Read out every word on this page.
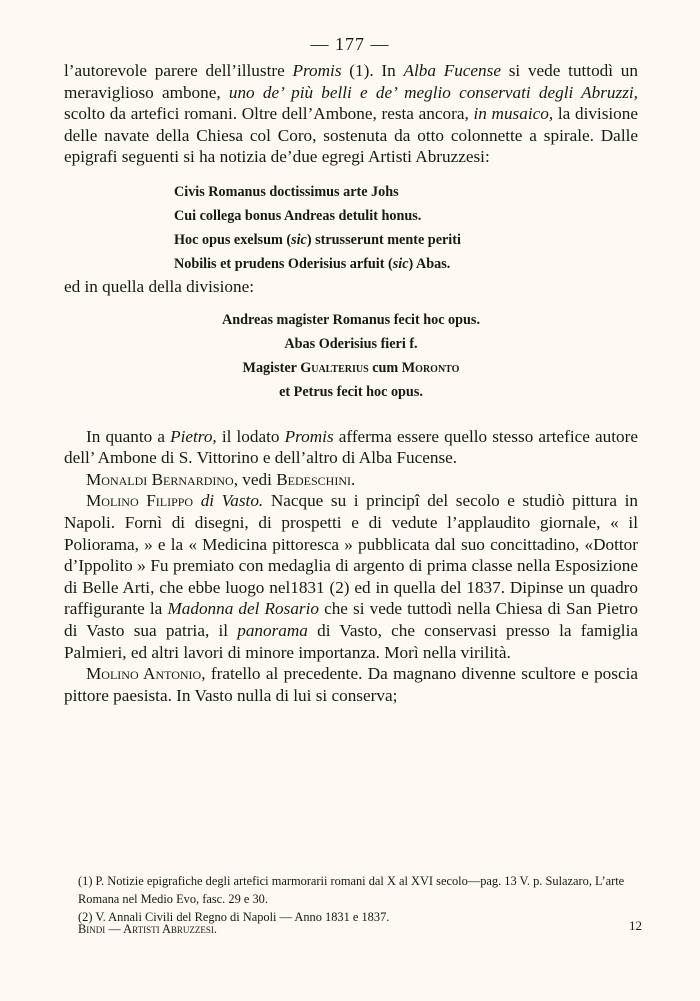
— 177 —

l’autorevole parere dell’illustre Promis (1). In Alba Fucense si vede tuttodì un meraviglioso ambone, uno de’ più belli e de’ meglio conservati degli Abruzzi, scolto da artefici romani. Oltre dell’Ambone, resta ancora, in musaico, la divisione delle navate della Chiesa col Coro, sostenuta da otto colonnette a spirale. Dalle epigrafi seguenti si ha notizia de’due egregi Artisti Abruzzesi:

Civis Romanus doctissimus arte Johs
Cui collega bonus Andreas detulit honus.
Hoc opus exelsum (sic) strusserunt mente periti
Nobilis et prudens Oderisius arfuit (sic) Abas.

ed in quella della divisione:

Andreas magister Romanus fecit hoc opus.
Abas Oderisius fieri f.
Magister Gualterius cum Moronto
et Petrus fecit hoc opus.

In quanto a Pietro, il lodato Promis afferma essere quello stesso artefice autore dell’ Ambone di S. Vittorino e dell’altro di Alba Fucense.

Monaldi Bernardino, vedi Bedeschini.

Molino Filippo di Vasto. Nacque su i principî del secolo e studiò pittura in Napoli. Fornì di disegni, di prospetti e di vedute l’applaudito giornale, « il Poliorama, » e la « Medicina pittoresca » pubblicata dal suo concittadino, «Dottor d’Ippolito » Fu premiato con medaglia di argento di prima classe nella Esposizione di Belle Arti, che ebbe luogo nel1831 (2) ed in quella del 1837. Dipinse un quadro raffigurante la Madonna del Rosario che si vede tuttodì nella Chiesa di San Pietro di Vasto sua patria, il panorama di Vasto, che conservasi presso la famiglia Palmieri, ed altri lavori di minore importanza. Morì nella virilità.

Molino Antonio, fratello al precedente. Da magnano divenne scultore e poscia pittore paesista. In Vasto nulla di lui si conserva;

(1) P. Notizie epigrafiche degli artefici marmorarii romani dal X al XVI secolo—pag. 13 V. p. Sulazaro, L’arte Romana nel Medio Evo, fasc. 29 e 30.

(2) V. Annali Civili del Regno di Napoli — Anno 1831 e 1837.

Bindi — Artisti Abruzzesi.	12
